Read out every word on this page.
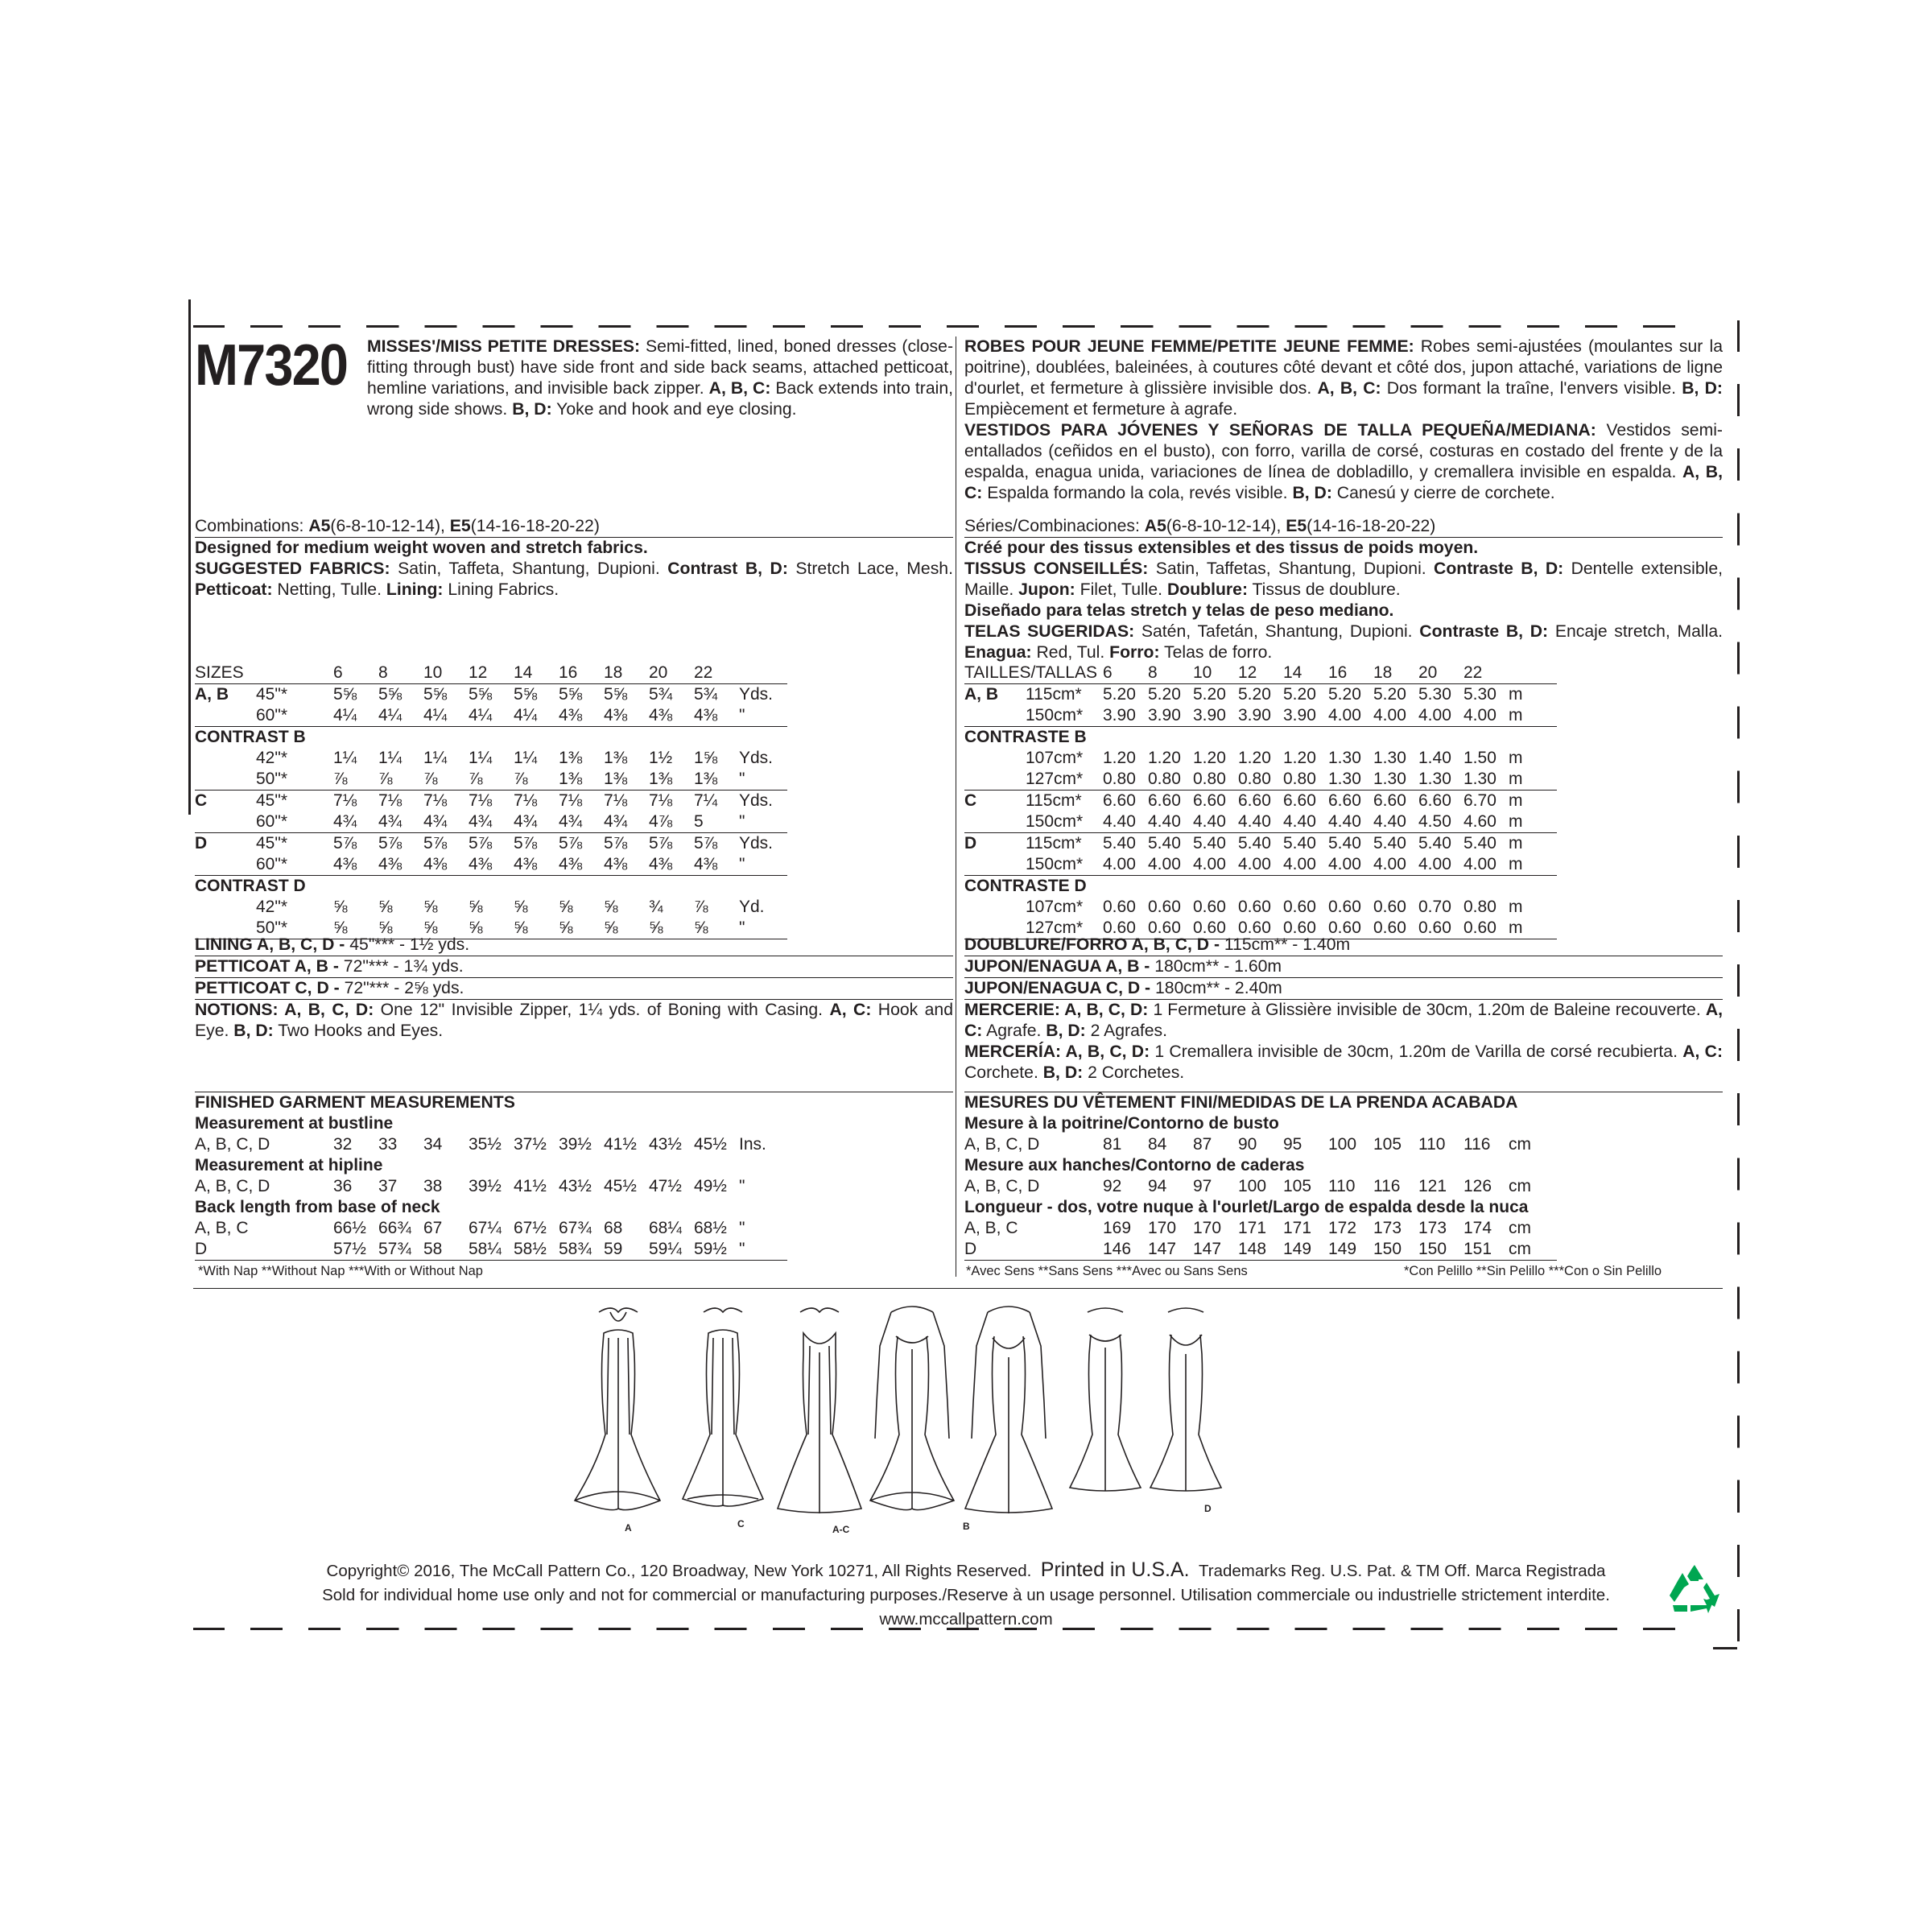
M7320 MISSES'/MISS PETITE DRESSES: Semi-fitted, lined, boned dresses (close-fitting through bust) have side front and side back seams, attached petticoat, hemline variations, and invisible back zipper. A, B, C: Back extends into train, wrong side shows. B, D: Yoke and hook and eye closing.
Combinations: A5(6-8-10-12-14), E5(14-16-18-20-22)
Designed for medium weight woven and stretch fabrics.
SUGGESTED FABRICS: Satin, Taffeta, Shantung, Dupioni. Contrast B, D: Stretch Lace, Mesh. Petticoat: Netting, Tulle. Lining: Lining Fabrics.
SIZES		6	8	10	12	14	16	18	20	22	
A, B	45"*	5⅝	5⅝	5⅝	5⅝	5⅝	5⅝	5⅝	5¾	5¾	Yds.
	60"*	4¼	4¼	4¼	4¼	4¼	4⅜	4⅜	4⅜	4⅜	"
CONTRAST B											
	42"*	1¼	1¼	1¼	1¼	1¼	1⅜	1⅜	1½	1⅝	Yds.
	50"*	⅞	⅞	⅞	⅞	⅞	1⅜	1⅜	1⅜	1⅜	"
C	45"*	7⅛	7⅛	7⅛	7⅛	7⅛	7⅛	7⅛	7⅛	7¼	Yds.
	60"*	4¾	4¾	4¾	4¾	4¾	4¾	4¾	4⅞	5	"
D	45"*	5⅞	5⅞	5⅞	5⅞	5⅞	5⅞	5⅞	5⅞	5⅞	Yds.
	60"*	4⅜	4⅜	4⅜	4⅜	4⅜	4⅜	4⅜	4⅜	4⅜	"
CONTRAST D											
	42"*	⅝	⅝	⅝	⅝	⅝	⅝	⅝	¾	⅞	Yd.
	50"*	⅝	⅝	⅝	⅝	⅝	⅝	⅝	⅝	⅝	"
LINING A, B, C, D - 45"*** - 1½ yds.
PETTICOAT A, B - 72"*** - 1¾ yds.
PETTICOAT C, D - 72"*** - 2⅝ yds.
NOTIONS: A, B, C, D: One 12" Invisible Zipper, 1¼ yds. of Boning with Casing. A, C: Hook and Eye. B, D: Two Hooks and Eyes.
FINISHED GARMENT MEASUREMENTS
Measurement at bustline										
A, B, C, D	32	33	34	35½	37½	39½	41½	43½	45½	Ins.
Measurement at hipline										
A, B, C, D	36	37	38	39½	41½	43½	45½	47½	49½	"
Back length from base of neck										
A, B, C	66½	66¾	67	67¼	67½	67¾	68	68¼	68½	"
D	57½	57¾	58	58¼	58½	58¾	59	59¼	59½	"
*With Nap **Without Nap ***With or Without Nap
ROBES POUR JEUNE FEMME/PETITE JEUNE FEMME: Robes semi-ajustées (moulantes sur la poitrine), doublées, baleinées, à coutures côté devant et côté dos, jupon attaché, variations de ligne d'ourlet, et fermeture à glissière invisible dos. A, B, C: Dos formant la traîne, l'envers visible. B, D: Empiècement et fermeture à agrafe.
VESTIDOS PARA JÓVENES Y SEÑORAS DE TALLA PEQUEÑA/MEDIANA: Vestidos semi-entallados (ceñidos en el busto), con forro, varilla de corsé, costuras en costado del frente y de la espalda, enagua unida, variaciones de línea de dobladillo, y cremallera invisible en espalda. A, B, C: Espalda formando la cola, revés visible. B, D: Canesú y cierre de corchete.
Séries/Combinaciones: A5(6-8-10-12-14), E5(14-16-18-20-22)
Créé pour des tissus extensibles et des tissus de poids moyen.
TISSUS CONSEILLÉS: Satin, Taffetas, Shantung, Dupioni. Contraste B, D: Dentelle extensible, Maille. Jupon: Filet, Tulle. Doublure: Tissus de doublure.
Diseñado para telas stretch y telas de peso mediano.
TELAS SUGERIDAS: Satén, Tafetán, Shantung, Dupioni. Contraste B, D: Encaje stretch, Malla. Enagua: Red, Tul. Forro: Telas de forro.
TAILLES/TALLAS		6	8	10	12	14	16	18	20	22	
A, B	115cm*	5.20	5.20	5.20	5.20	5.20	5.20	5.20	5.30	5.30	m
	150cm*	3.90	3.90	3.90	3.90	3.90	4.00	4.00	4.00	4.00	m
CONTRASTE B											
	107cm*	1.20	1.20	1.20	1.20	1.20	1.30	1.30	1.40	1.50	m
	127cm*	0.80	0.80	0.80	0.80	0.80	1.30	1.30	1.30	1.30	m
C	115cm*	6.60	6.60	6.60	6.60	6.60	6.60	6.60	6.60	6.70	m
	150cm*	4.40	4.40	4.40	4.40	4.40	4.40	4.40	4.50	4.60	m
D	115cm*	5.40	5.40	5.40	5.40	5.40	5.40	5.40	5.40	5.40	m
	150cm*	4.00	4.00	4.00	4.00	4.00	4.00	4.00	4.00	4.00	m
CONTRASTE D											
	107cm*	0.60	0.60	0.60	0.60	0.60	0.60	0.60	0.70	0.80	m
	127cm*	0.60	0.60	0.60	0.60	0.60	0.60	0.60	0.60	0.60	m
DOUBLURE/FORRO A, B, C, D - 115cm** - 1.40m
JUPON/ENAGUA A, B - 180cm** - 1.60m
JUPON/ENAGUA C, D - 180cm** - 2.40m
MERCERIE: A, B, C, D: 1 Fermeture à Glissière invisible de 30cm, 1.20m de Baleine recouverte. A, C: Agrafe. B, D: 2 Agrafes.
MERCERÍA: A, B, C, D: 1 Cremallera invisible de 30cm, 1.20m de Varilla de corsé recubierta. A, C: Corchete. B, D: 2 Corchetes.
MESURES DU VÊTEMENT FINI/MEDIDAS DE LA PRENDA ACABADA
Mesure à la poitrine/Contorno de busto										
A, B, C, D	81	84	87	90	95	100	105	110	116	cm
Mesure aux hanches/Contorno de caderas										
A, B, C, D	92	94	97	100	105	110	116	121	126	cm
Longueur - dos, votre nuque à l'ourlet/Largo de espalda desde la nuca										
A, B, C	169	170	170	171	171	172	173	173	174	cm
D	146	147	147	148	149	149	150	150	151	cm
*Avec Sens **Sans Sens ***Avec ou Sans Sens	*Con Pelillo **Sin Pelillo ***Con o Sin Pelillo
A	C	A-C	B
D
Copyright© 2016, The McCall Pattern Co., 120 Broadway, New York 10271, All Rights Reserved. Printed in U.S.A. Trademarks Reg. U.S. Pat. & TM Off. Marca Registrada
Sold for individual home use only and not for commercial or manufacturing purposes./Reserve à un usage personnel. Utilisation commerciale ou industrielle strictement interdite.
www.mccallpattern.com
